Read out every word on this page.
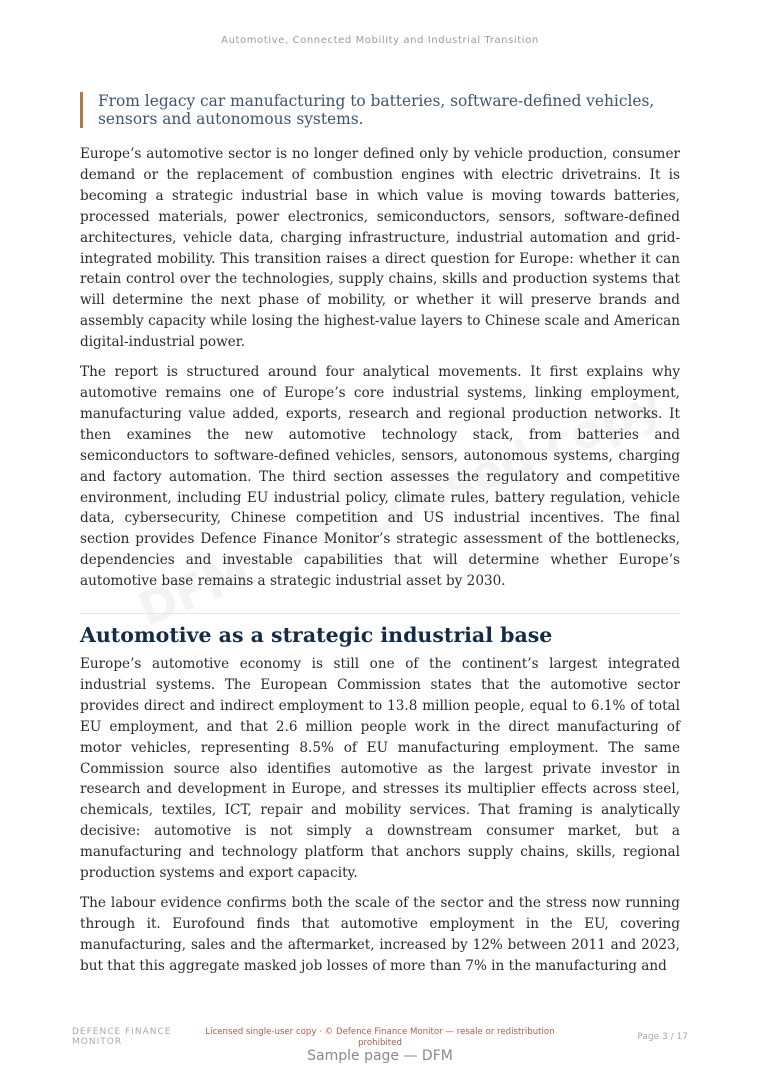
Automotive, Connected Mobility and Industrial Transition
From legacy car manufacturing to batteries, software-defined vehicles, sensors and autonomous systems.

Europe’s automotive sector is no longer defined only by vehicle production, consumer demand or the replacement of combustion engines with electric drivetrains. It is becoming a strategic industrial base in which value is moving towards batteries, processed materials, power electronics, semiconductors, sensors, software-defined architectures, vehicle data, charging infrastructure, industrial automation and grid-integrated mobility. This transition raises a direct question for Europe: whether it can retain control over the technologies, supply chains, skills and production systems that will determine the next phase of mobility, or whether it will preserve brands and assembly capacity while losing the highest-value layers to Chinese scale and American digital-industrial power.

The report is structured around four analytical movements. It first explains why automotive remains one of Europe’s core industrial systems, linking employment, manufacturing value added, exports, research and regional production networks. It then examines the new automotive technology stack, from batteries and semiconductors to software-defined vehicles, sensors, autonomous systems, charging and factory automation. The third section assesses the regulatory and competitive environment, including EU industrial policy, climate rules, battery regulation, vehicle data, cybersecurity, Chinese competition and US industrial incentives. The final section provides Defence Finance Monitor’s strategic assessment of the bottlenecks, dependencies and investable capabilities that will determine whether Europe’s automotive base remains a strategic industrial asset by 2030.

Automotive as a strategic industrial base

Europe’s automotive economy is still one of the continent’s largest integrated industrial systems. The European Commission states that the automotive sector provides direct and indirect employment to 13.8 million people, equal to 6.1% of total EU employment, and that 2.6 million people work in the direct manufacturing of motor vehicles, representing 8.5% of EU manufacturing employment. The same Commission source also identifies automotive as the largest private investor in research and development in Europe, and stresses its multiplier effects across steel, chemicals, textiles, ICT, repair and mobility services. That framing is analytically decisive: automotive is not simply a downstream consumer market, but a manufacturing and technology platform that anchors supply chains, skills, regional production systems and export capacity.

The labour evidence confirms both the scale of the sector and the stress now running through it. Eurofound finds that automotive employment in the EU, covering manufacturing, sales and the aftermarket, increased by 12% between 2011 and 2023, but that this aggregate masked job losses of more than 7% in the manufacturing and

DEFENCE FINANCE
MONITOR
Licensed single-user copy · © Defence Finance Monitor — resale or redistribution
prohibited
Page 3 / 17
Sample page — DFM
